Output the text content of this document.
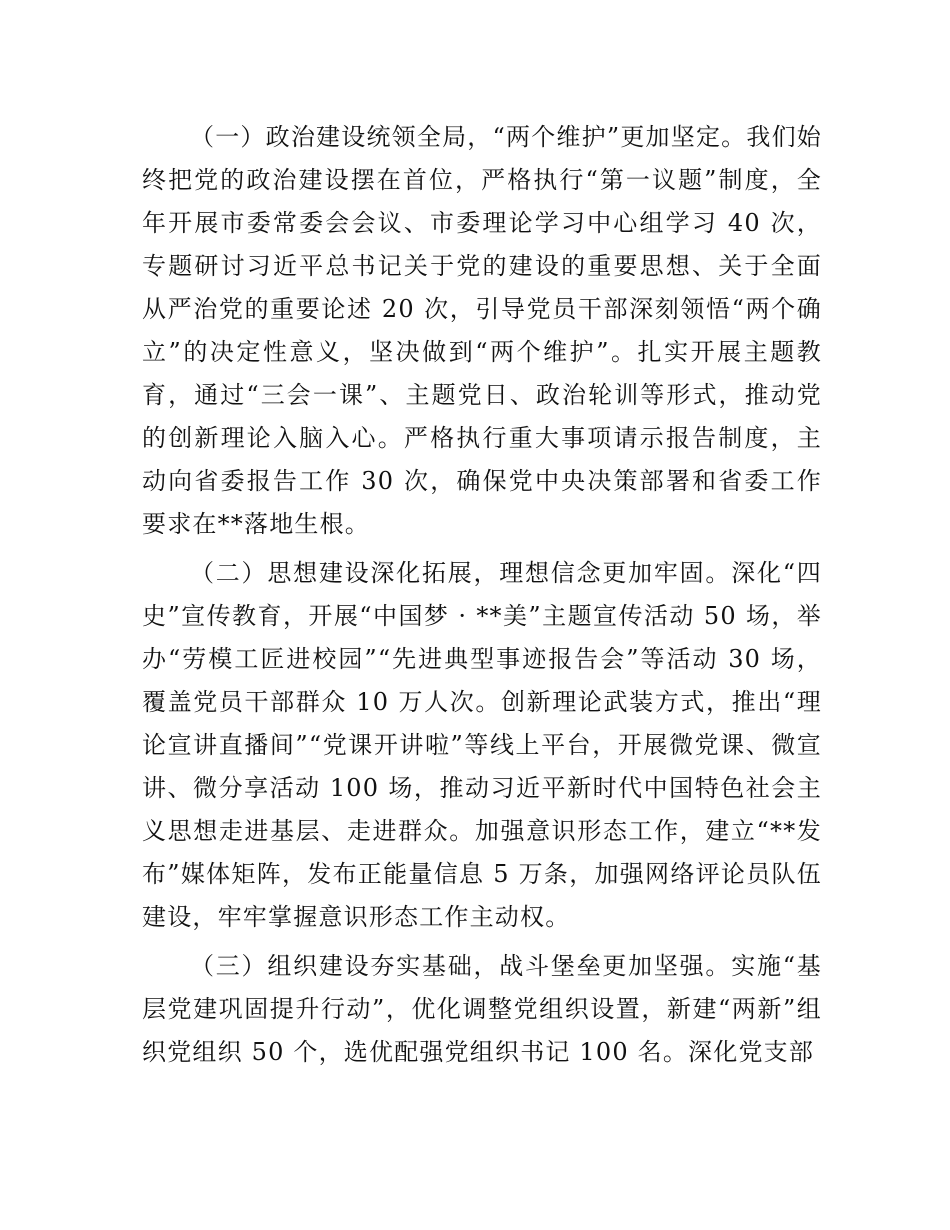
（一）政治建设统领全局，“两个维护”更加坚定。我们始终把党的政治建设摆在首位，严格执行“第一议题”制度，全年开展市委常委会会议、市委理论学习中心组学习 40 次，专题研讨习近平总书记关于党的建设的重要思想、关于全面从严治党的重要论述 20 次，引导党员干部深刻领悟“两个确立”的决定性意义，坚决做到“两个维护”。扎实开展主题教育，通过“三会一课”、主题党日、政治轮训等形式，推动党的创新理论入脑入心。严格执行重大事项请示报告制度，主动向省委报告工作 30 次，确保党中央决策部署和省委工作要求在**落地生根。

（二）思想建设深化拓展，理想信念更加牢固。深化“四史”宣传教育，开展“中国梦 · **美”主题宣传活动 50 场，举办“劳模工匠进校园”“先进典型事迹报告会”等活动 30 场，覆盖党员干部群众 10 万人次。创新理论武装方式，推出“理论宣讲直播间”“党课开讲啦”等线上平台，开展微党课、微宣讲、微分享活动 100 场，推动习近平新时代中国特色社会主义思想走进基层、走进群众。加强意识形态工作，建立“**发布”媒体矩阵，发布正能量信息 5 万条，加强网络评论员队伍建设，牢牢掌握意识形态工作主动权。

（三）组织建设夯实基础，战斗堡垒更加坚强。实施“基层党建巩固提升行动”，优化调整党组织设置，新建“两新”组织党组织 50 个，选优配强党组织书记 100 名。深化党支部
